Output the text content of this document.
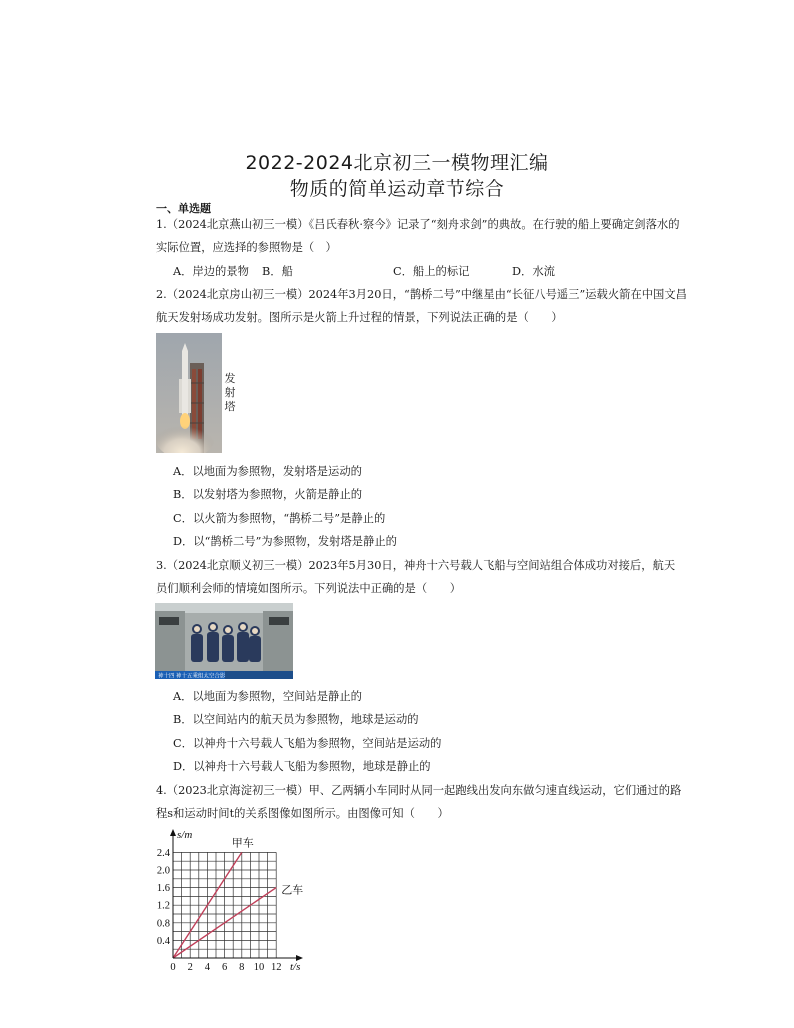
2022-2024北京初三一模物理汇编
物质的简单运动章节综合
一、单选题
1.（2024北京燕山初三一模）《吕氏春秋·察今》记录了“刻舟求剑”的典故。在行驶的船上要确定剑落水的
实际位置，应选择的参照物是（　）
A．岸边的景物 B．船	C．船上的标记	D．水流
2.（2024北京房山初三一模）2024年3月20日，“鹊桥二号”中继星由“长征八号遥三”运载火箭在中国文昌
航天发射场成功发射。图所示是火箭上升过程的情景，下列说法正确的是（　　）
发
射
塔
A．以地面为参照物，发射塔是运动的
B．以发射塔为参照物，火箭是静止的
C．以火箭为参照物，“鹊桥二号”是静止的
D．以“鹊桥二号”为参照物，发射塔是静止的
3.（2024北京顺义初三一模）2023年5月30日，神舟十六号载人飞船与空间站组合体成功对接后，航天
员们顺利会师的情境如图所示。下列说法中正确的是（　　）
神十四 神十五乘组太空合影
A．以地面为参照物，空间站是静止的
B．以空间站内的航天员为参照物，地球是运动的
C．以神舟十六号载人飞船为参照物，空间站是运动的
D．以神舟十六号载人飞船为参照物，地球是静止的
4.（2023北京海淀初三一模）甲、乙两辆小车同时从同一起跑线出发向东做匀速直线运动，它们通过的路
程s和运动时间t的关系图像如图所示。由图像可知（　　）
甲车
乙车
0 2 4 6 8 10 12
0.4
0.8
1.2
1.6
2.0
2.4
s/m
t/s
